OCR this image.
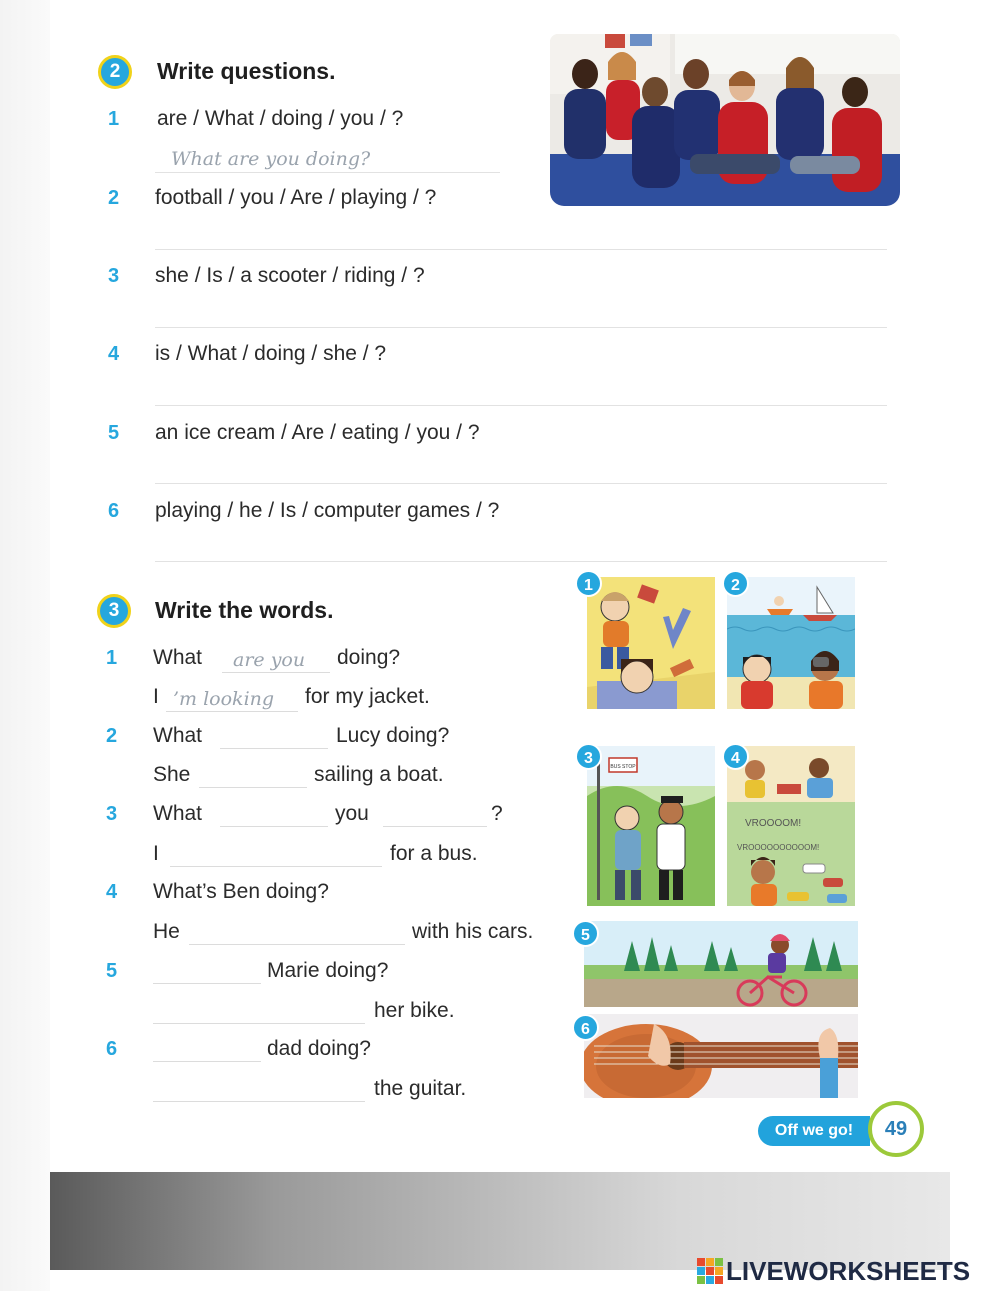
2	Write questions.
1 are / What / doing / you / ?
What are you doing?
2 football / you / Are / playing / ?
3 she / Is / a scooter / riding / ?
4 is / What / doing / she / ?
5 an ice cream / Are / eating / you / ?
6 playing / he / Is / computer games / ?
3	Write the words.
1 What are you doing?
I ’m looking for my jacket.
2 What	Lucy doing?
She	sailing a boat.
3 What	you	?
I	for a bus.
4 What’s Ben doing?
He	with his cars.
5	Marie doing?
her bike.
6	dad doing?
the guitar.
1	2
BUS STOP
3
VROOOOM!
VROOOOOOOOOOM!
4
5
6
Off we go!	49
LIVEWORKSHEETS
